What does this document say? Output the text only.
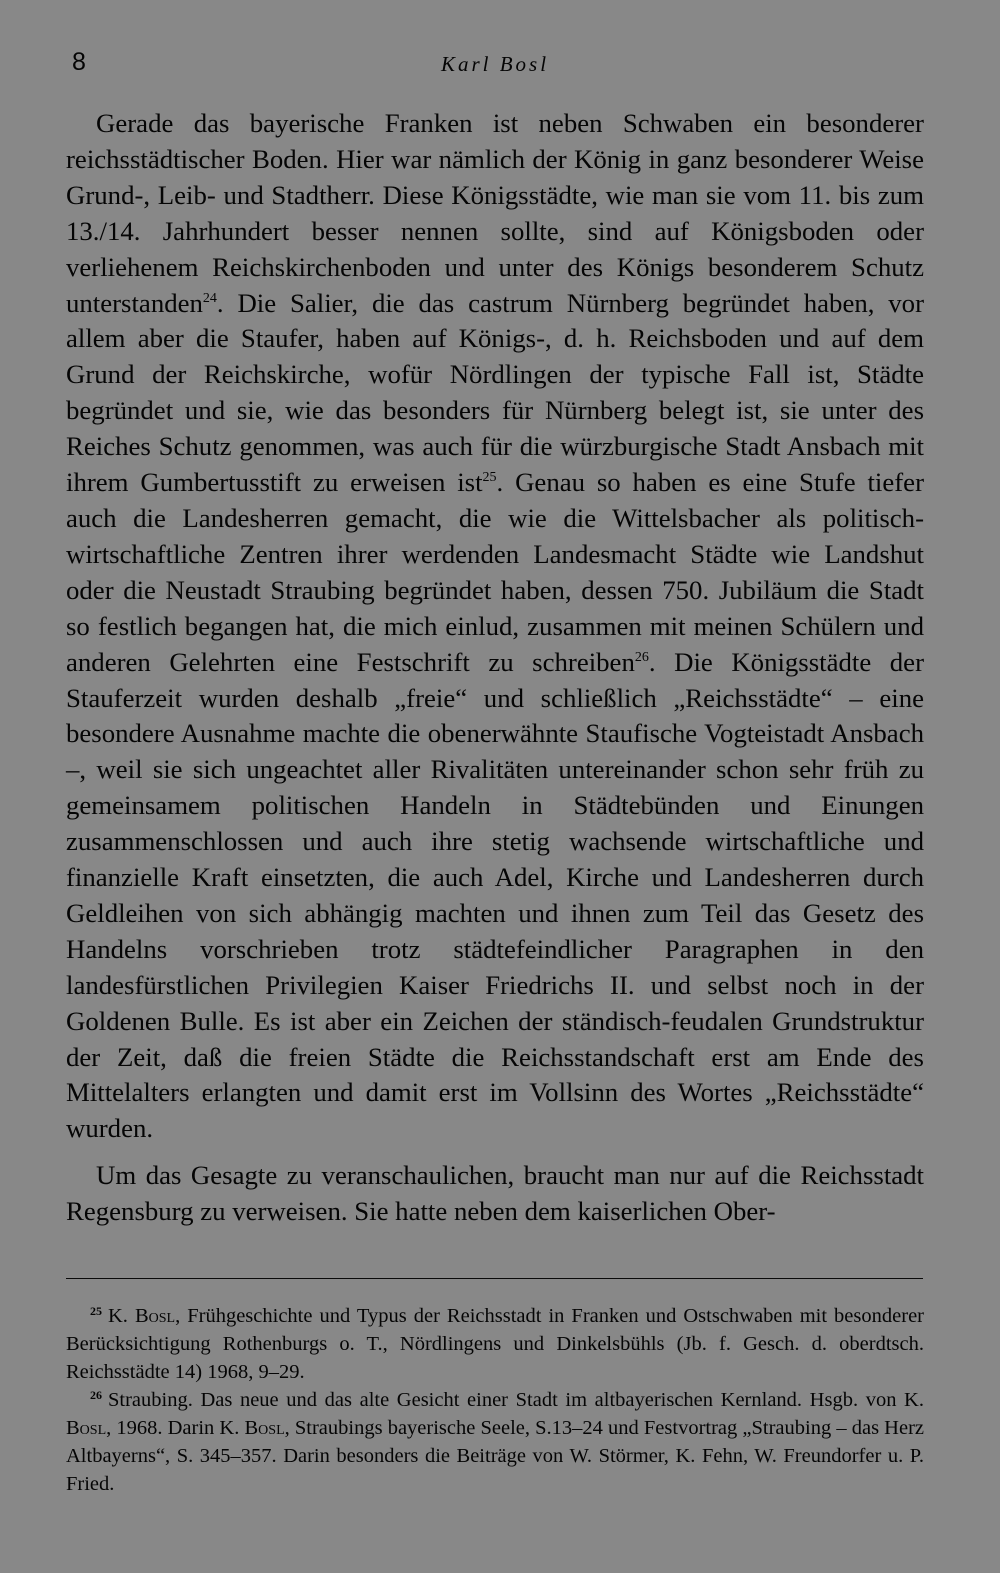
8	Karl Bosl

Gerade das bayerische Franken ist neben Schwaben ein besonderer reichsstädtischer Boden. Hier war nämlich der König in ganz besonderer Weise Grund-, Leib- und Stadtherr. Diese Königsstädte, wie man sie vom 11. bis zum 13./14. Jahrhundert besser nennen sollte, sind auf Königsboden oder verliehenem Reichskirchenboden und unter des Königs besonderem Schutz unterstanden$^{24}$. Die Salier, die das castrum Nürnberg begründet haben, vor allem aber die Staufer, haben auf Königs-, d. h. Reichsboden und auf dem Grund der Reichskirche, wofür Nördlingen der typische Fall ist, Städte begründet und sie, wie das besonders für Nürnberg belegt ist, sie unter des Reiches Schutz genommen, was auch für die würzburgische Stadt Ansbach mit ihrem Gumbertusstift zu erweisen ist$^{25}$. Genau so haben es eine Stufe tiefer auch die Landesherren gemacht, die wie die Wittelsbacher als politisch-wirtschaftliche Zentren ihrer werdenden Landesmacht Städte wie Landshut oder die Neustadt Straubing begründet haben, dessen 750. Jubiläum die Stadt so festlich begangen hat, die mich einlud, zusammen mit meinen Schülern und anderen Gelehrten eine Festschrift zu schreiben$^{26}$. Die Königsstädte der Stauferzeit wurden deshalb „freie“ und schließlich „Reichsstädte“ – eine besondere Ausnahme machte die obenerwähnte Staufische Vogteistadt Ansbach –, weil sie sich ungeachtet aller Rivalitäten untereinander schon sehr früh zu gemeinsamem politischen Handeln in Städtebünden und Einungen zusammenschlossen und auch ihre stetig wachsende wirtschaftliche und finanzielle Kraft einsetzten, die auch Adel, Kirche und Landesherren durch Geldleihen von sich abhängig machten und ihnen zum Teil das Gesetz des Handelns vorschrieben trotz städtefeindlicher Paragraphen in den landesfürstlichen Privilegien Kaiser Friedrichs II. und selbst noch in der Goldenen Bulle. Es ist aber ein Zeichen der ständisch-feudalen Grundstruktur der Zeit, daß die freien Städte die Reichsstandschaft erst am Ende des Mittelalters erlangten und damit erst im Vollsinn des Wortes „Reichsstädte“ wurden.

Um das Gesagte zu veranschaulichen, braucht man nur auf die Reichsstadt Regensburg zu verweisen. Sie hatte neben dem kaiserlichen Ober-

$^{25}$ K. Bosl, Frühgeschichte und Typus der Reichsstadt in Franken und Ostschwaben mit besonderer Berücksichtigung Rothenburgs o. T., Nördlingens und Dinkelsbühls (Jb. f. Gesch. d. oberdtsch. Reichsstädte 14) 1968, 9–29.

$^{26}$ Straubing. Das neue und das alte Gesicht einer Stadt im altbayerischen Kernland. Hsgb. von K. Bosl, 1968. Darin K. Bosl, Straubings bayerische Seele, S.13–24 und Festvortrag „Straubing – das Herz Altbayerns“, S. 345–357. Darin besonders die Beiträge von W. Störmer, K. Fehn, W. Freundorfer u. P. Fried.
